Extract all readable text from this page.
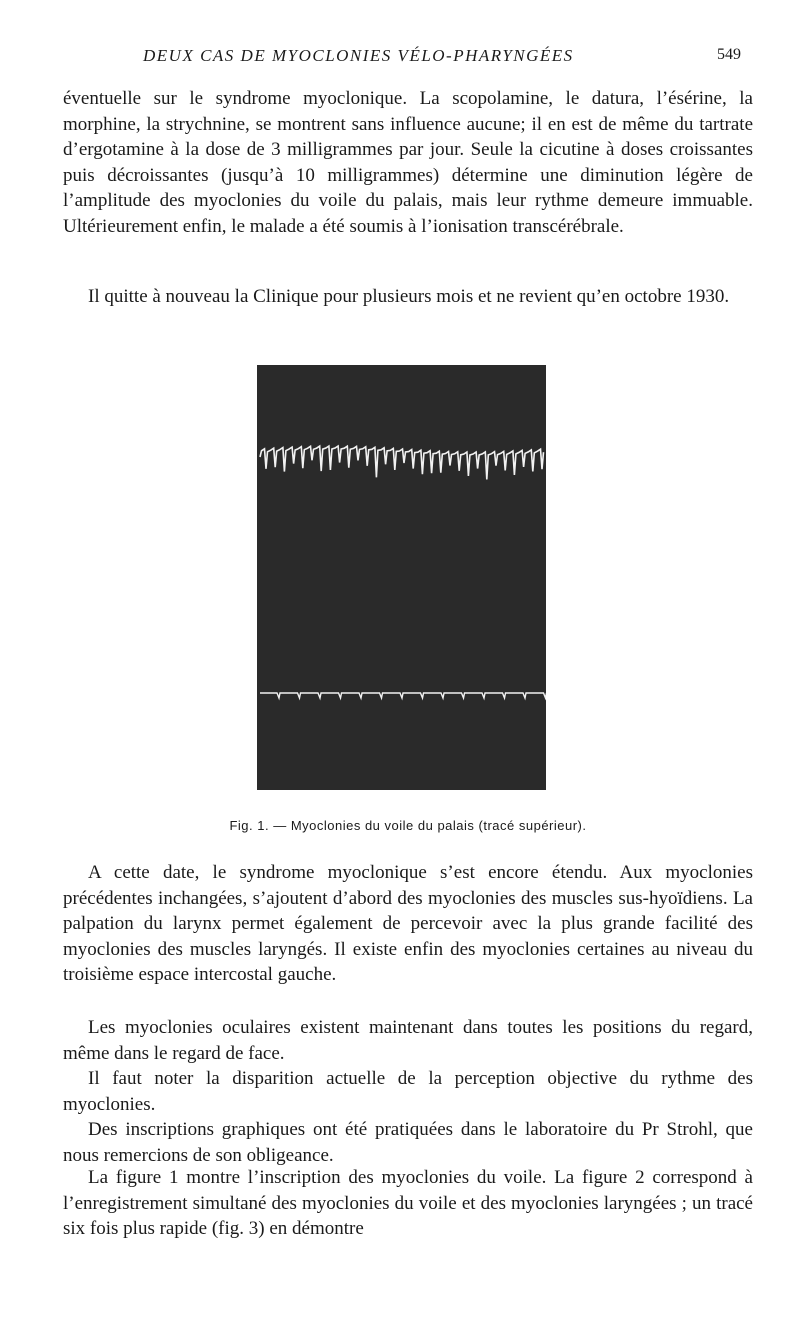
DEUX CAS DE MYOCLONIES VÉLO-PHARYNGÉES	549

éventuelle sur le syndrome myoclonique. La scopolamine, le datura, l’ésérine, la morphine, la strychnine, se montrent sans influence aucune; il en est de même du tartrate d’ergotamine à la dose de 3 milligrammes par jour. Seule la cicutine à doses croissantes puis décroissantes (jusqu’à 10 milligrammes) détermine une diminution légère de l’amplitude des myoclonies du voile du palais, mais leur rythme demeure immuable. Ultérieurement enfin, le malade a été soumis à l’ionisation transcérébrale.

Il quitte à nouveau la Clinique pour plusieurs mois et ne revient qu’en octobre 1930.

Fig. 1. — Myoclonies du voile du palais (tracé supérieur).

A cette date, le syndrome myoclonique s’est encore étendu. Aux myoclonies précédentes inchangées, s’ajoutent d’abord des myoclonies des muscles sus-hyoïdiens. La palpation du larynx permet également de percevoir avec la plus grande facilité des myoclonies des muscles laryngés. Il existe enfin des myoclonies certaines au niveau du troisième espace intercostal gauche.

Les myoclonies oculaires existent maintenant dans toutes les positions du regard, même dans le regard de face.

Il faut noter la disparition actuelle de la perception objective du rythme des myoclonies.

Des inscriptions graphiques ont été pratiquées dans le laboratoire du Pr Strohl, que nous remercions de son obligeance.

La figure 1 montre l’inscription des myoclonies du voile. La figure 2 correspond à l’enregistrement simultané des myoclonies du voile et des myoclonies laryngées ; un tracé six fois plus rapide (fig. 3) en démontre
